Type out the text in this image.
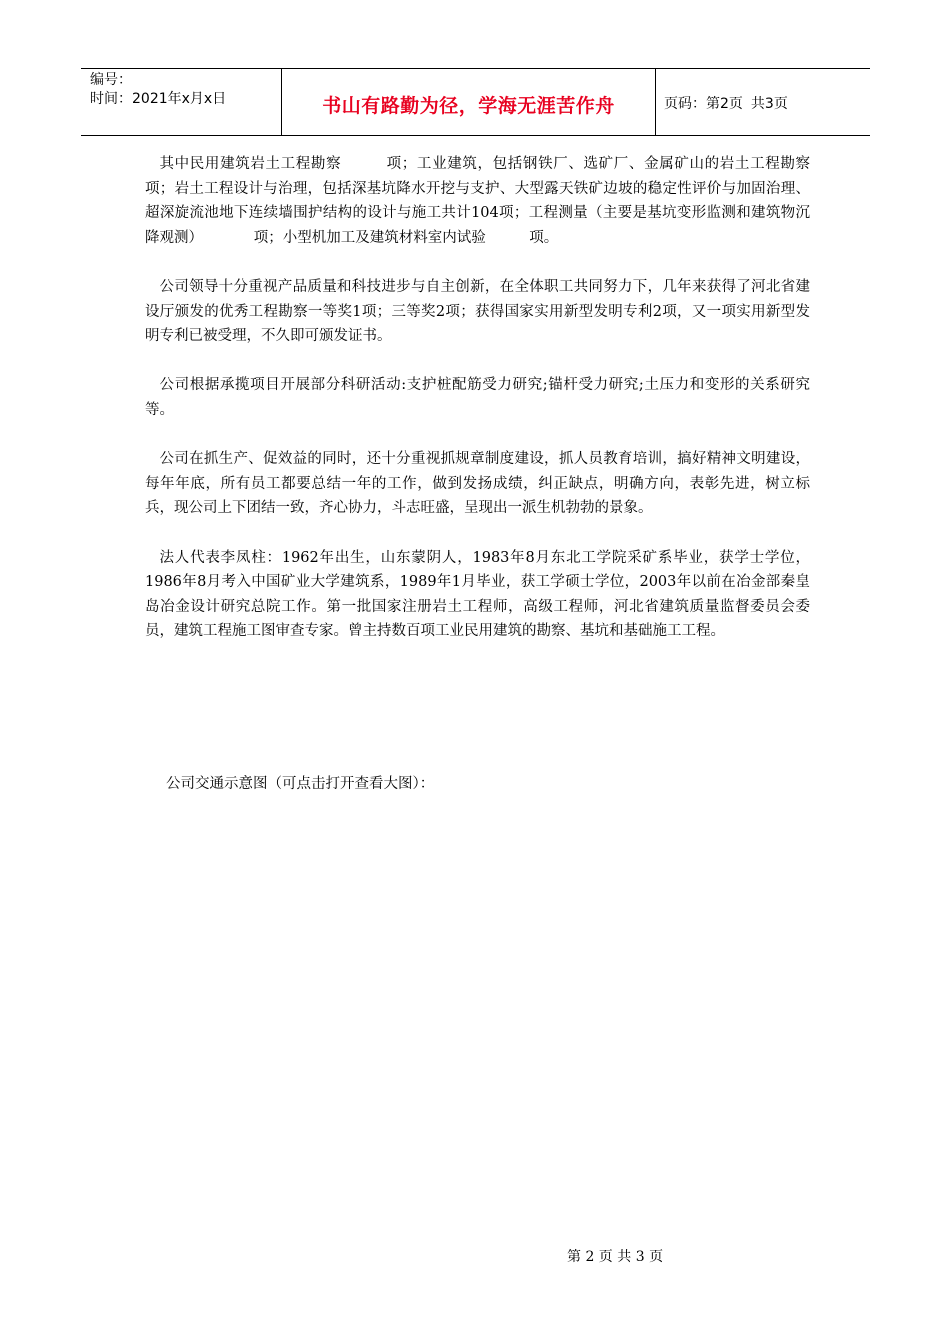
编号：
时间：2021年x月x日	书山有路勤为径，学海无涯苦作舟	页码：第2页 共3页

其中民用建筑岩土工程勘察　　　项；工业建筑，包括钢铁厂、选矿厂、金属矿山的岩土工程勘察　　　项；岩土工程设计与治理，包括深基坑降水开挖与支护、大型露天铁矿边坡的稳定性评价与加固治理、超深旋流池地下连续墙围护结构的设计与施工共计104项；工程测量（主要是基坑变形监测和建筑物沉降观测）　　　　项；小型机加工及建筑材料室内试验　　　项。

公司领导十分重视产品质量和科技进步与自主创新，在全体职工共同努力下，几年来获得了河北省建设厅颁发的优秀工程勘察一等奖1项；三等奖2项；获得国家实用新型发明专利2项，又一项实用新型发明专利已被受理，不久即可颁发证书。

公司根据承揽项目开展部分科研活动:支护桩配筋受力研究;锚杆受力研究;土压力和变形的关系研究等。

公司在抓生产、促效益的同时，还十分重视抓规章制度建设，抓人员教育培训，搞好精神文明建设，每年年底，所有员工都要总结一年的工作，做到发扬成绩，纠正缺点，明确方向，表彰先进，树立标兵，现公司上下团结一致，齐心协力，斗志旺盛，呈现出一派生机勃勃的景象。

法人代表李凤柱：1962年出生，山东蒙阴人，1983年8月东北工学院采矿系毕业，获学士学位，1986年8月考入中国矿业大学建筑系，1989年1月毕业，获工学硕士学位，2003年以前在冶金部秦皇岛冶金设计研究总院工作。第一批国家注册岩土工程师，高级工程师，河北省建筑质量监督委员会委员，建筑工程施工图审查专家。曾主持数百项工业民用建筑的勘察、基坑和基础施工工程。

公司交通示意图（可点击打开查看大图）：
第 2 页 共 3 页
